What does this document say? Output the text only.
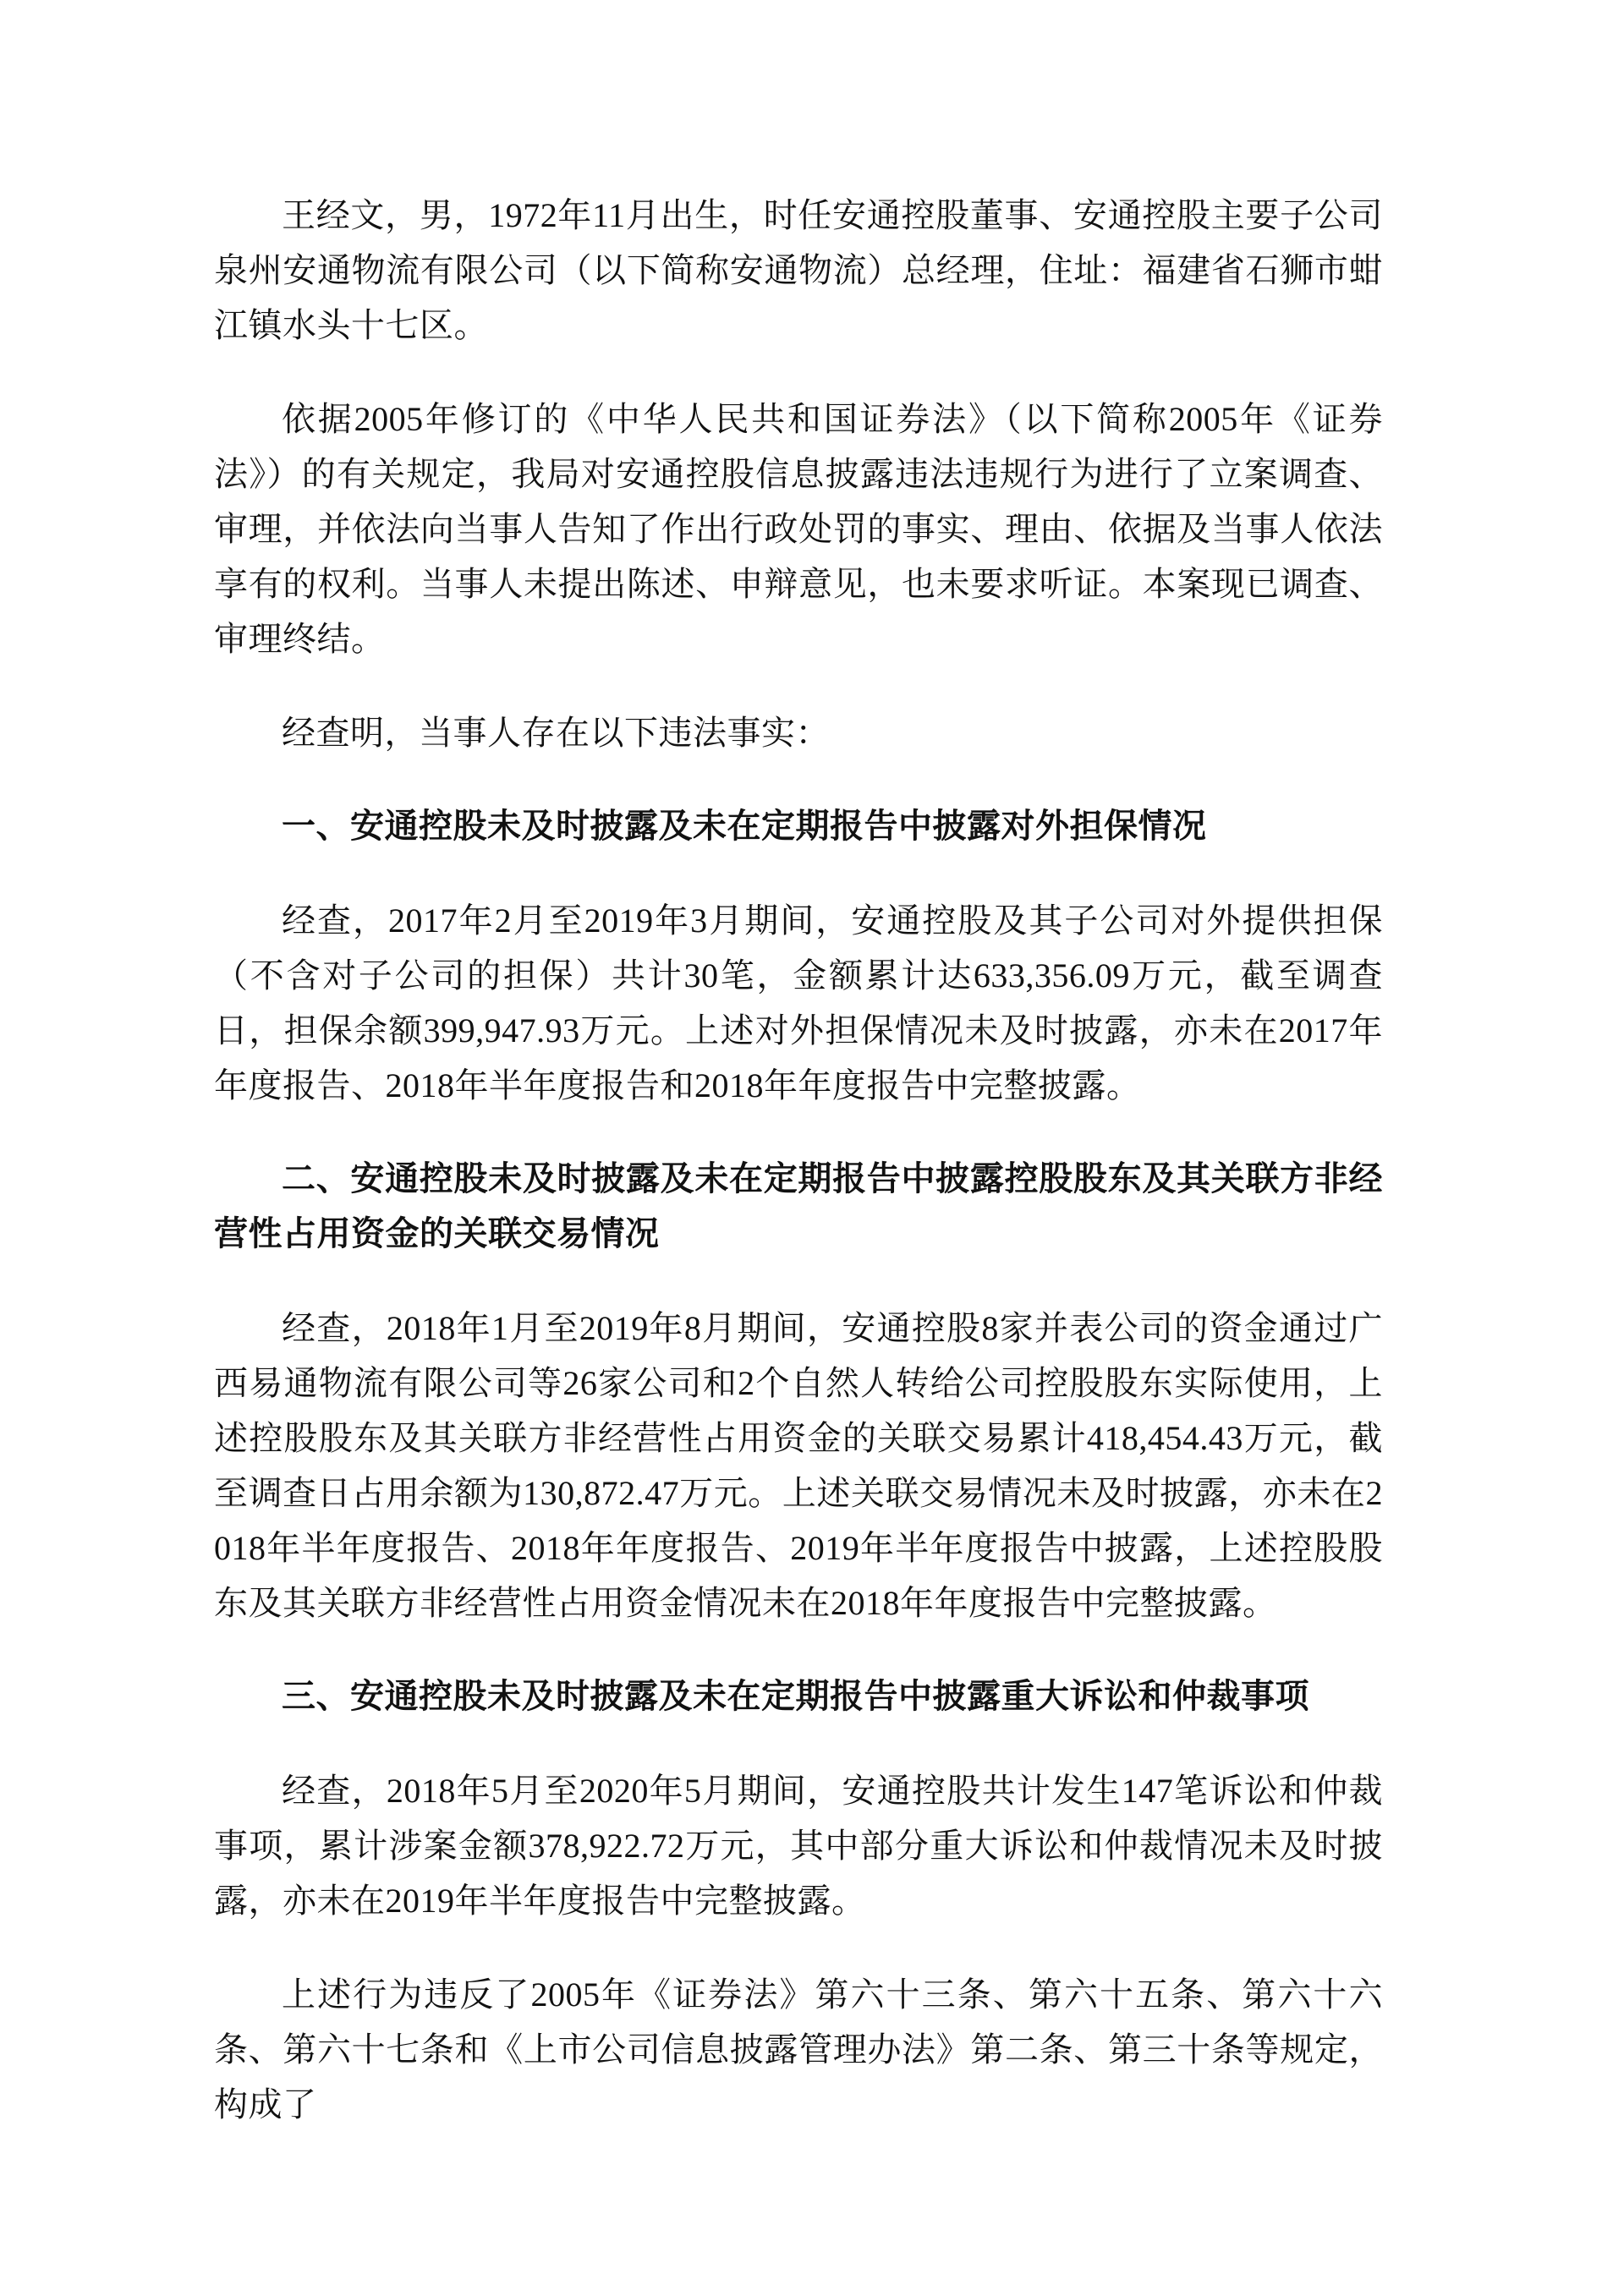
王经文，男，1972年11月出生，时任安通控股董事、安通控股主要子公司泉州安通物流有限公司（以下简称安通物流）总经理，住址：福建省石狮市蚶江镇水头十七区。

依据2005年修订的《中华人民共和国证券法》（以下简称2005年《证券法》）的有关规定，我局对安通控股信息披露违法违规行为进行了立案调查、审理，并依法向当事人告知了作出行政处罚的事实、理由、依据及当事人依法享有的权利。当事人未提出陈述、申辩意见，也未要求听证。本案现已调查、审理终结。

经查明，当事人存在以下违法事实：

一、安通控股未及时披露及未在定期报告中披露对外担保情况

经查，2017年2月至2019年3月期间，安通控股及其子公司对外提供担保（不含对子公司的担保）共计30笔，金额累计达633,356.09万元，截至调查日，担保余额399,947.93万元。上述对外担保情况未及时披露，亦未在2017年年度报告、2018年半年度报告和2018年年度报告中完整披露。

二、安通控股未及时披露及未在定期报告中披露控股股东及其关联方非经营性占用资金的关联交易情况

经查，2018年1月至2019年8月期间，安通控股8家并表公司的资金通过广西易通物流有限公司等26家公司和2个自然人转给公司控股股东实际使用，上述控股股东及其关联方非经营性占用资金的关联交易累计418,454.43万元，截至调查日占用余额为130,872.47万元。上述关联交易情况未及时披露，亦未在2018年半年度报告、2018年年度报告、2019年半年度报告中披露，上述控股股东及其关联方非经营性占用资金情况未在2018年年度报告中完整披露。

三、安通控股未及时披露及未在定期报告中披露重大诉讼和仲裁事项

经查，2018年5月至2020年5月期间，安通控股共计发生147笔诉讼和仲裁事项，累计涉案金额378,922.72万元，其中部分重大诉讼和仲裁情况未及时披露，亦未在2019年半年度报告中完整披露。

上述行为违反了2005年《证券法》第六十三条、第六十五条、第六十六条、第六十七条和《上市公司信息披露管理办法》第二条、第三十条等规定，构成了
